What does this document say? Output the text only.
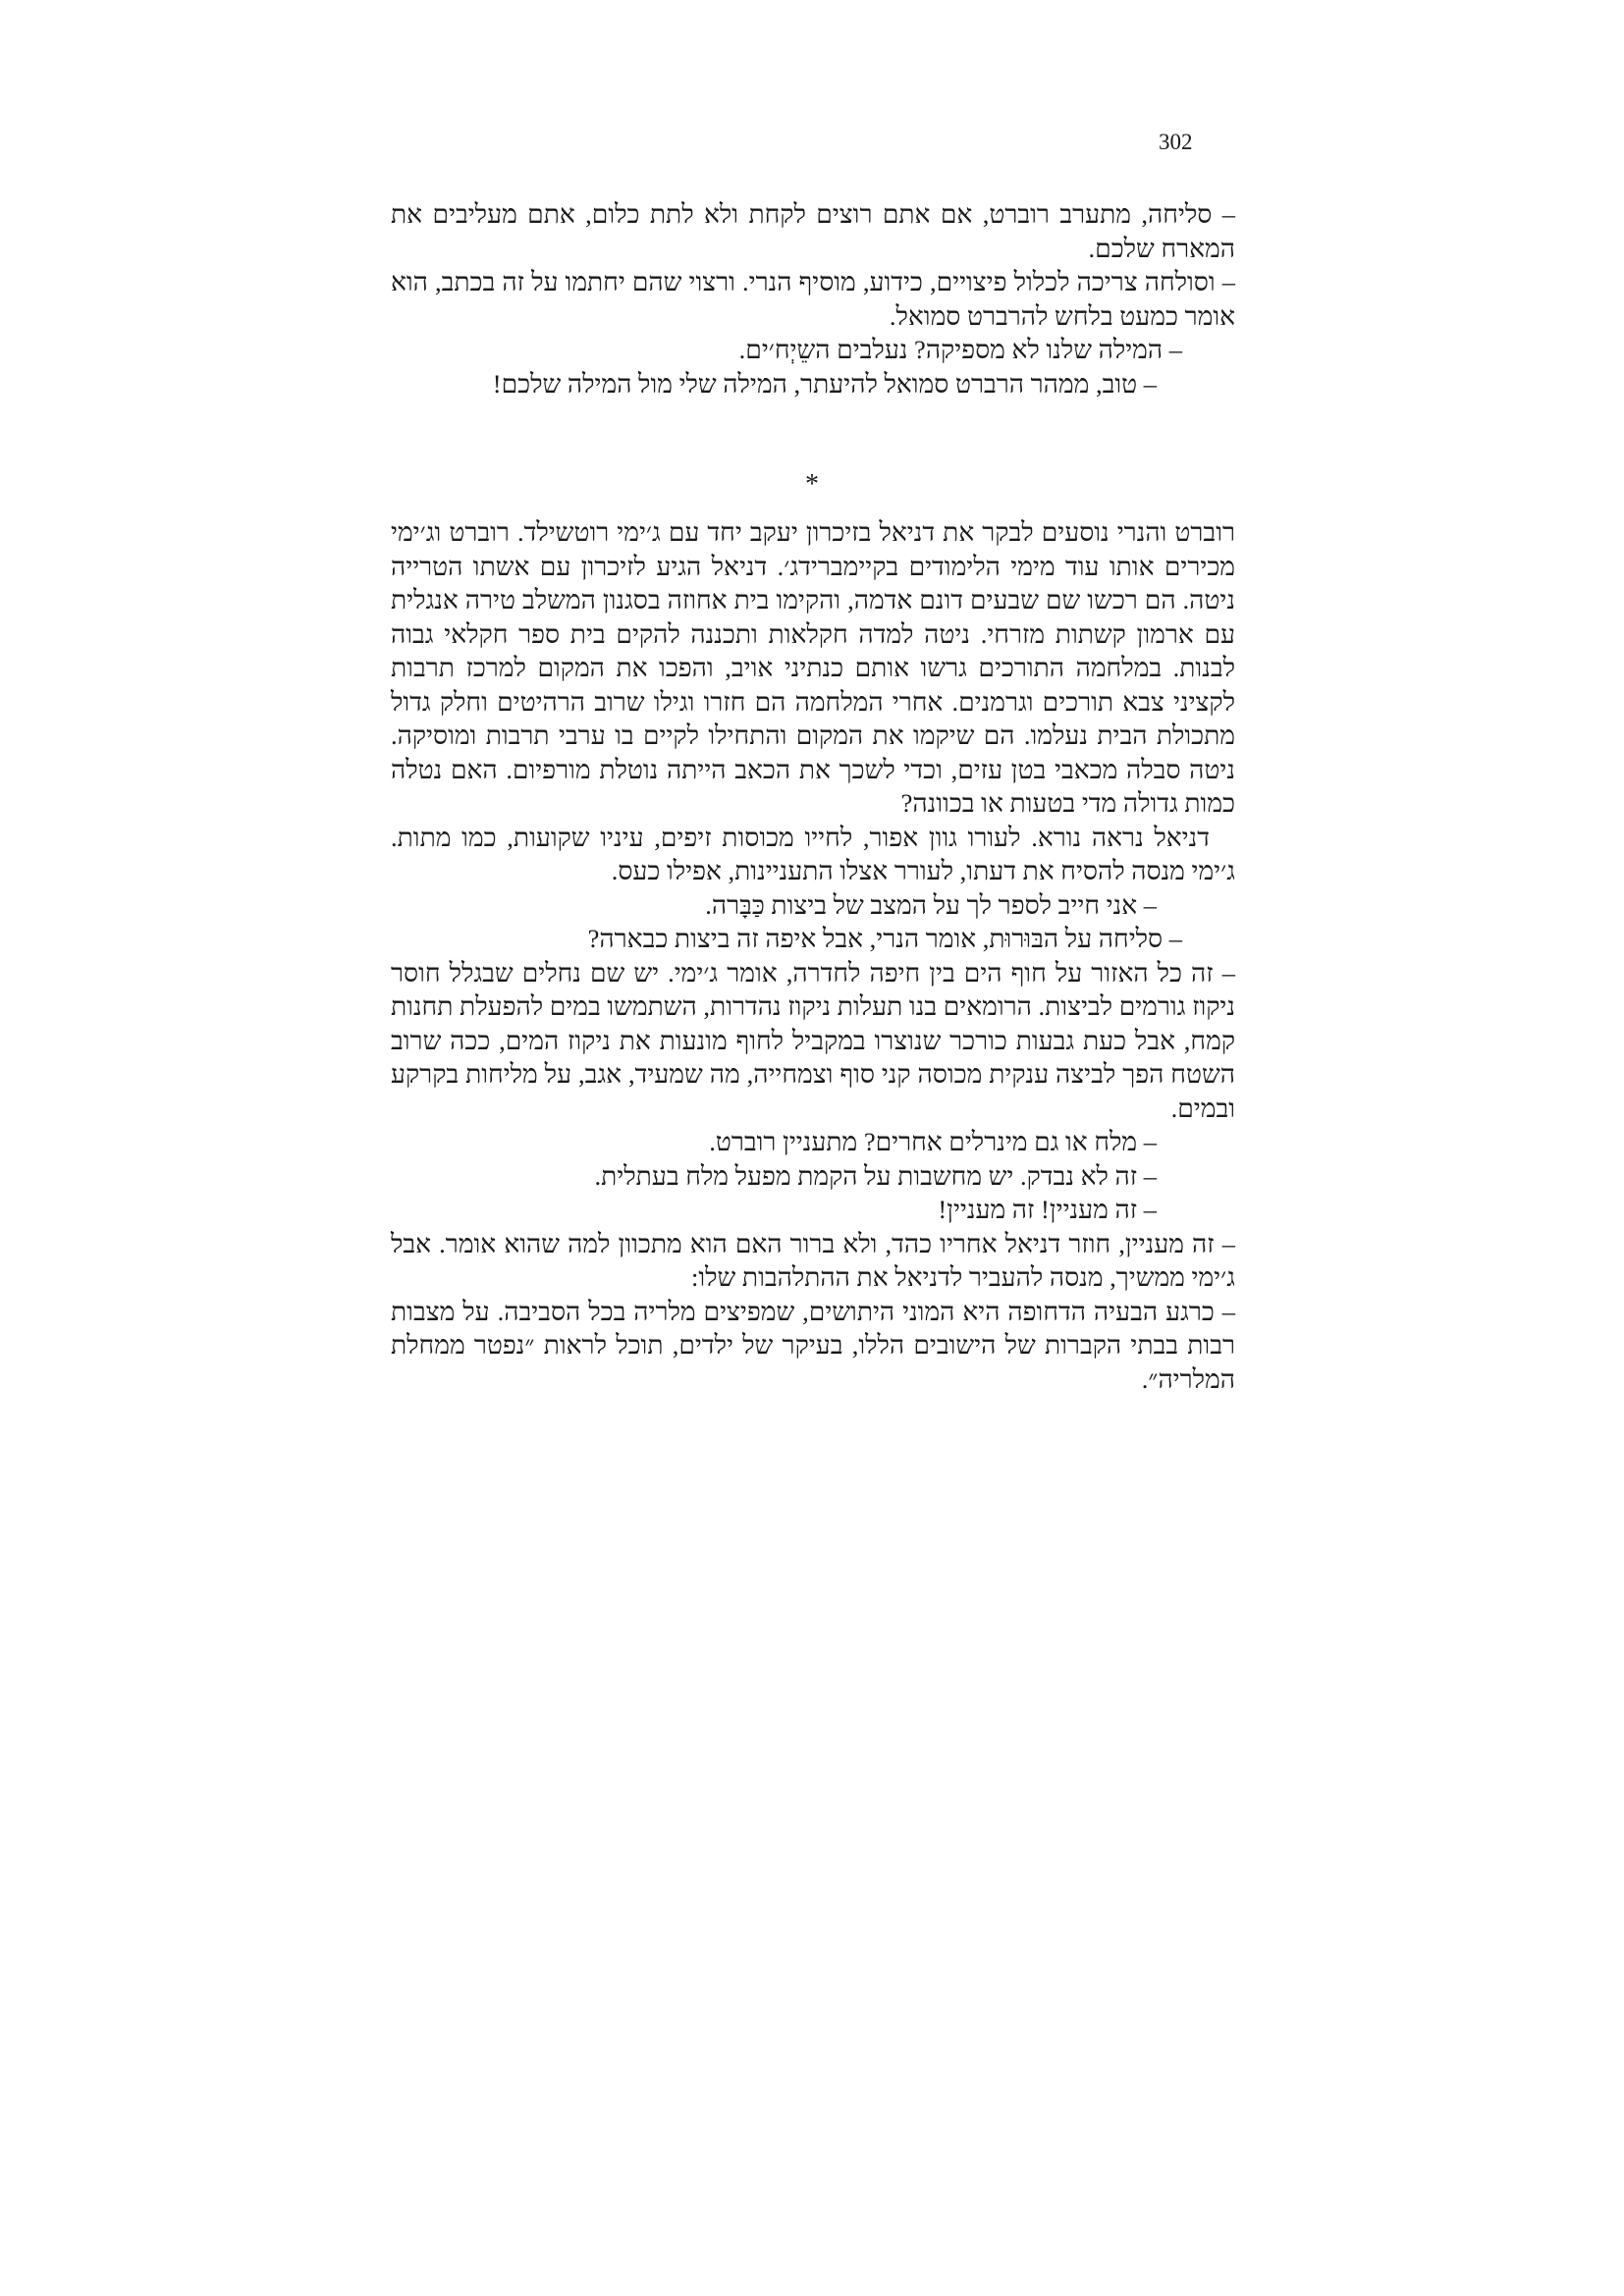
302

– סליחה, מתערב רוברט, אם אתם רוצים לקחת ולא לתת כלום, אתם מעליבים את המארח שלכם.

– וסולחה צריכה לכלול פיצויים, כידוע, מוסיף הנרי. ורצוי שהם יחתמו על זה בכתב, הוא אומר כמעט בלחש להרברט סמואל.

– המילה שלנו לא מספיקה? נעלבים השֵיְח׳ים.

– טוב, ממהר הרברט סמואל להיעתר, המילה שלי מול המילה שלכם!

*

רוברט והנרי נוסעים לבקר את דניאל בזיכרון יעקב יחד עם ג׳ימי רוטשילד. רוברט וג׳ימי מכירים אותו עוד מימי הלימודים בקיימברידג׳. דניאל הגיע לזיכרון עם אשתו הטרייה ניטה. הם רכשו שם שבעים דונם אדמה, והקימו בית אחוזה בסגנון המשלב טירה אנגלית עם ארמון קשתות מזרחי. ניטה למדה חקלאות ותכננה להקים בית ספר חקלאי גבוה לבנות. במלחמה התורכים גרשו אותם כנתיני אויב, והפכו את המקום למרכז תרבות לקציני צבא תורכים וגרמנים. אחרי המלחמה הם חזרו וגילו שרוב הרהיטים וחלק גדול מתכולת הבית נעלמו. הם שיקמו את המקום והתחילו לקיים בו ערבי תרבות ומוסיקה. ניטה סבלה מכאבי בטן עזים, וכדי לשכך את הכאב הייתה נוטלת מורפיום. האם נטלה כמות גדולה מדי בטעות או בכוונה?

דניאל נראה נורא. לעורו גוון אפור, לחייו מכוסות זיפים, עיניו שקועות, כמו מתות. ג׳ימי מנסה להסיח את דעתו, לעורר אצלו התעניינות, אפילו כעס.

– אני חייב לספר לך על המצב של ביצות כַּבָּרה.

– סליחה על הבּוּרוּת, אומר הנרי, אבל איפה זה ביצות כבארה?

– זה כל האזור על חוף הים בין חיפה לחדרה, אומר ג׳ימי. יש שם נחלים שבגלל חוסר ניקוז גורמים לביצות. הרומאים בנו תעלות ניקוז נהדרות, השתמשו במים להפעלת תחנות קמח, אבל כעת גבעות כורכר שנוצרו במקביל לחוף מונעות את ניקוז המים, ככה שרוב השטח הפך לביצה ענקית מכוסה קני סוף וצמחייה, מה שמעיד, אגב, על מליחות בקרקע ובמים.

– מלח או גם מינרלים אחרים? מתעניין רוברט.

– זה לא נבדק. יש מחשבות על הקמת מפעל מלח בעתלית.

– זה מעניין! זה מעניין!

– זה מעניין, חוזר דניאל אחריו כהד, ולא ברור האם הוא מתכוון למה שהוא אומר. אבל ג׳ימי ממשיך, מנסה להעביר לדניאל את ההתלהבות שלו:

– כרגע הבעיה הדחופה היא המוני היתושים, שמפיצים מלריה בכל הסביבה. על מצבות רבות בבתי הקברות של הישובים הללו, בעיקר של ילדים, תוכל לראות ״נפטר ממחלת המלריה״.
